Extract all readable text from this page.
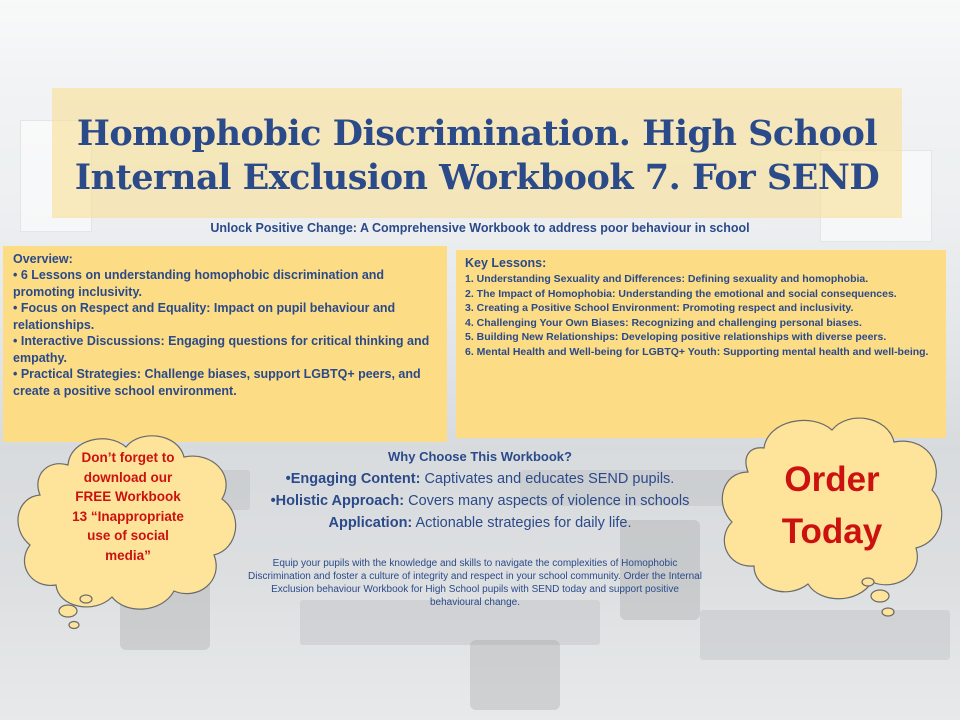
Homophobic Discrimination. High School
Internal Exclusion Workbook 7. For SEND

Unlock Positive Change: A Comprehensive Workbook to address poor behaviour in school

Overview:

• 6 Lessons on understanding homophobic discrimination and promoting inclusivity.
• Focus on Respect and Equality: Impact on pupil behaviour and relationships.
• Interactive Discussions: Engaging questions for critical thinking and empathy.
• Practical Strategies: Challenge biases, support LGBTQ+ peers, and create a positive school environment.

Key Lessons:

1. Understanding Sexuality and Differences: Defining sexuality and homophobia.
2. The Impact of Homophobia: Understanding the emotional and social consequences.
3. Creating a Positive School Environment: Promoting respect and inclusivity.
4. Challenging Your Own Biases: Recognizing and challenging personal biases.
5. Building New Relationships: Developing positive relationships with diverse peers.
6. Mental Health and Well-being for LGBTQ+ Youth: Supporting mental health and well-being.

Why Choose This Workbook?

•Engaging Content: Captivates and educates SEND pupils.

•Holistic Approach: Covers many aspects of violence in schools

Application: Actionable strategies for daily life.

Equip your pupils with the knowledge and skills to navigate the complexities of Homophobic Discrimination and foster a culture of integrity and respect in your school community. Order the Internal Exclusion behaviour Workbook for High School pupils with SEND today and support positive behavioural change.

Don’t forget to
download our
FREE Workbook
13 “Inappropriate
use of social
media”
Order
Today
